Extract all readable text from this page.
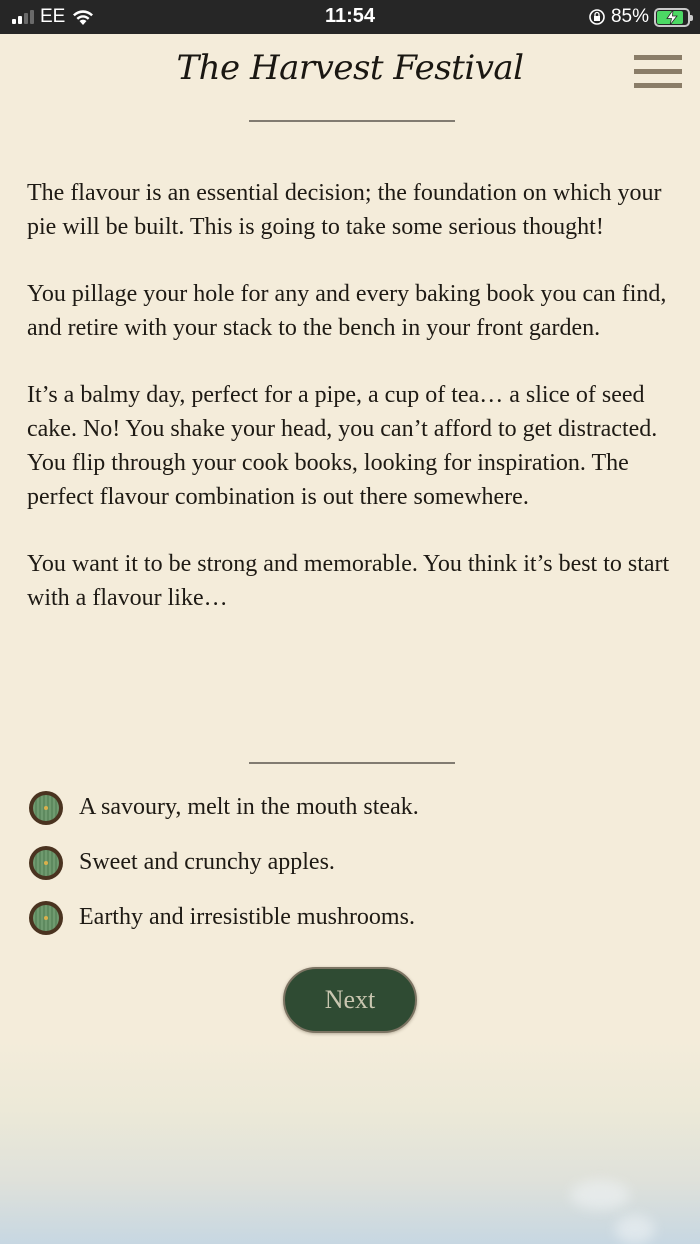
EE	11:54	85%
The Harvest Festival

The flavour is an essential decision; the foundation on which your pie will be built. This is going to take some serious thought!

You pillage your hole for any and every baking book you can find, and retire with your stack to the bench in your front garden.

It’s a balmy day, perfect for a pipe, a cup of tea… a slice of seed cake. No! You shake your head, you can’t afford to get distracted. You flip through your cook books, looking for inspiration. The perfect flavour combination is out there somewhere.

You want it to be strong and memorable. You think it’s best to start with a flavour like…

A savoury, melt in the mouth steak.
Sweet and crunchy apples.
Earthy and irresistible mushrooms.
Next
